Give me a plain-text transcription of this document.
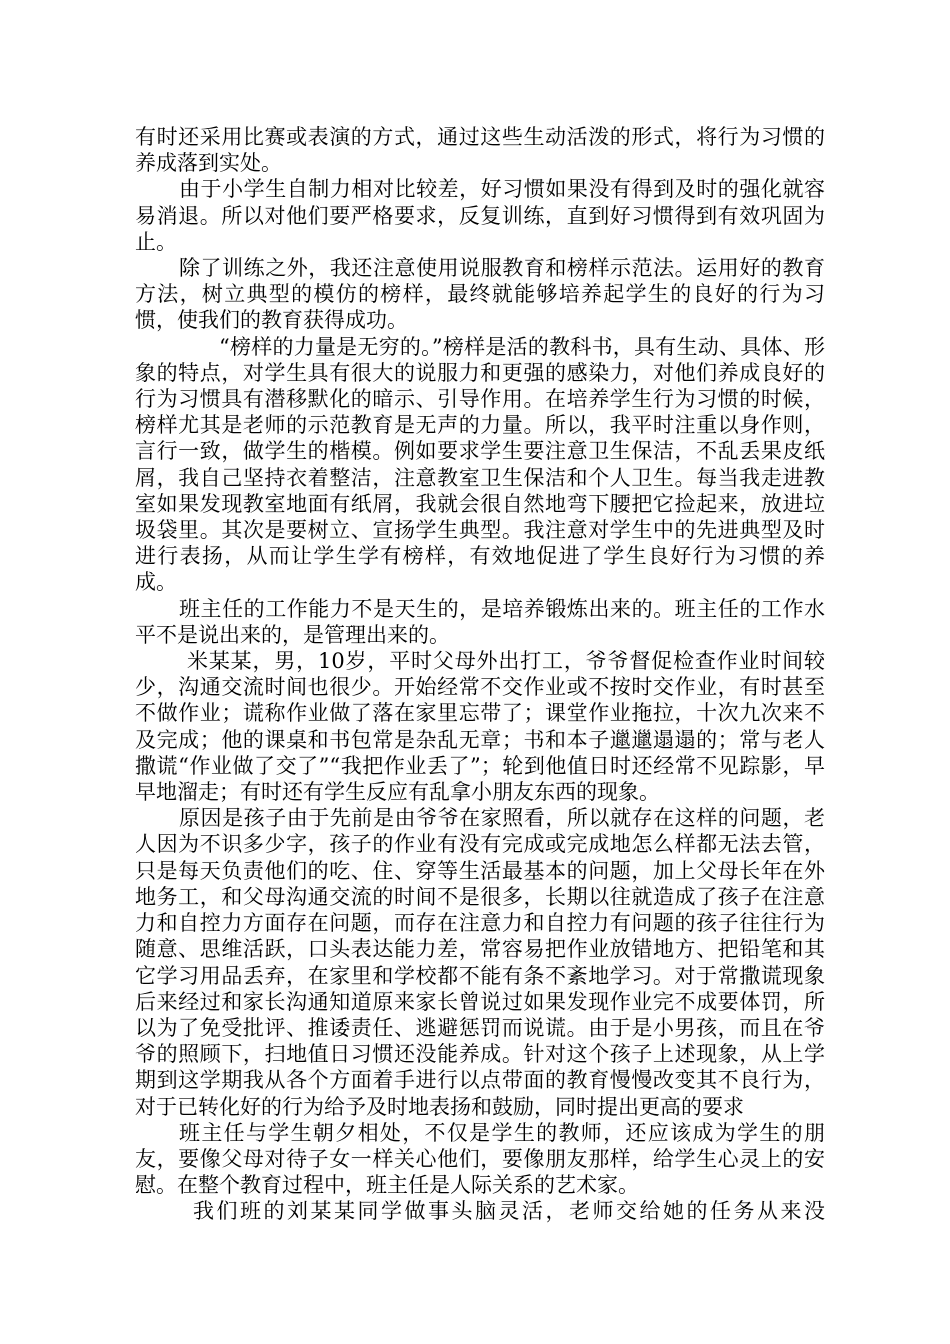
有时还采用比赛或表演的方式，通过这些生动活泼的形式，将行为习惯的养成落到实处。

由于小学生自制力相对比较差，好习惯如果没有得到及时的强化就容易消退。所以对他们要严格要求，反复训练，直到好习惯得到有效巩固为止。

除了训练之外，我还注意使用说服教育和榜样示范法。运用好的教育方法，树立典型的模仿的榜样，最终就能够培养起学生的良好的行为习惯，使我们的教育获得成功。

“榜样的力量是无穷的。”榜样是活的教科书，具有生动、具体、形象的特点，对学生具有很大的说服力和更强的感染力，对他们养成良好的行为习惯具有潜移默化的暗示、引导作用。在培养学生行为习惯的时候，榜样尤其是老师的示范教育是无声的力量。所以，我平时注重以身作则，言行一致，做学生的楷模。例如要求学生要注意卫生保洁，不乱丢果皮纸屑，我自己坚持衣着整洁，注意教室卫生保洁和个人卫生。每当我走进教室如果发现教室地面有纸屑，我就会很自然地弯下腰把它捡起来，放进垃圾袋里。其次是要树立、宣扬学生典型。我注意对学生中的先进典型及时进行表扬，从而让学生学有榜样，有效地促进了学生良好行为习惯的养成。

班主任的工作能力不是天生的，是培养锻炼出来的。班主任的工作水平不是说出来的，是管理出来的。

米某某，男，10岁，平时父母外出打工，爷爷督促检查作业时间较少，沟通交流时间也很少。开始经常不交作业或不按时交作业，有时甚至不做作业；谎称作业做了落在家里忘带了；课堂作业拖拉，十次九次来不及完成；他的课桌和书包常是杂乱无章；书和本子邋邋遢遢的；常与老人撒谎“作业做了交了”“我把作业丢了”；轮到他值日时还经常不见踪影，早早地溜走；有时还有学生反应有乱拿小朋友东西的现象。

原因是孩子由于先前是由爷爷在家照看，所以就存在这样的问题，老人因为不识多少字，孩子的作业有没有完成或完成地怎么样都无法去管，只是每天负责他们的吃、住、穿等生活最基本的问题，加上父母长年在外地务工，和父母沟通交流的时间不是很多，长期以往就造成了孩子在注意力和自控力方面存在问题，而存在注意力和自控力有问题的孩子往往行为随意、思维活跃，口头表达能力差，常容易把作业放错地方、把铅笔和其它学习用品丢弃，在家里和学校都不能有条不紊地学习。对于常撒谎现象后来经过和家长沟通知道原来家长曾说过如果发现作业完不成要体罚，所以为了免受批评、推诿责任、逃避惩罚而说谎。由于是小男孩，而且在爷爷的照顾下，扫地值日习惯还没能养成。针对这个孩子上述现象，从上学期到这学期我从各个方面着手进行以点带面的教育慢慢改变其不良行为，对于已转化好的行为给予及时地表扬和鼓励，同时提出更高的要求

班主任与学生朝夕相处，不仅是学生的教师，还应该成为学生的朋友，要像父母对待子女一样关心他们，要像朋友那样，给学生心灵上的安慰。在整个教育过程中，班主任是人际关系的艺术家。

我们班的刘某某同学做事头脑灵活，老师交给她的任务从来没
